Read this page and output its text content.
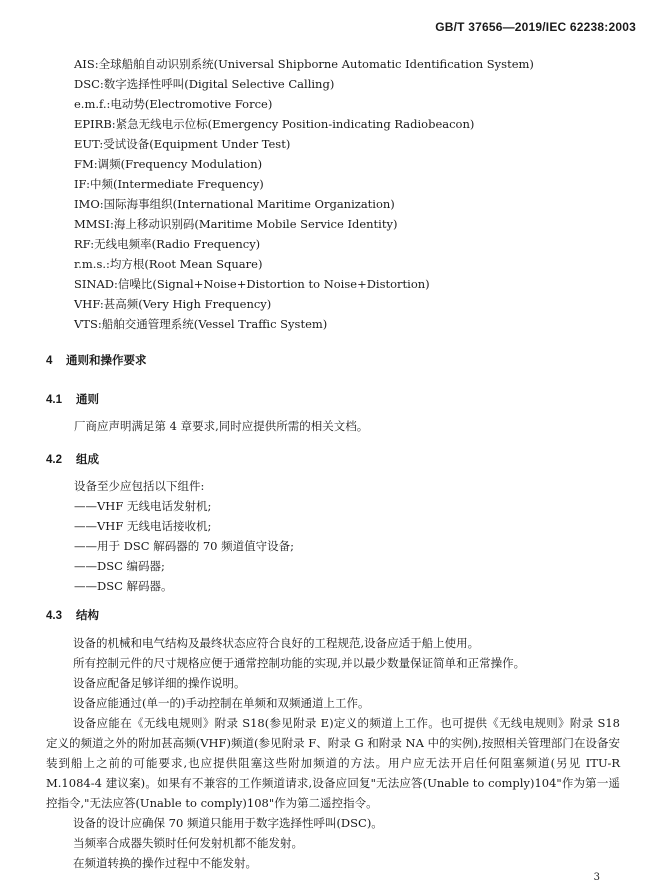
GB/T 37656—2019/IEC 62238:2003
AIS:全球船舶自动识别系统(Universal Shipborne Automatic Identification System)
DSC:数字选择性呼叫(Digital Selective Calling)
e.m.f.:电动势(Electromotive Force)
EPIRB:紧急无线电示位标(Emergency Position-indicating Radiobeacon)
EUT:受试设备(Equipment Under Test)
FM:调频(Frequency Modulation)
IF:中频(Intermediate Frequency)
IMO:国际海事组织(International Maritime Organization)
MMSI:海上移动识别码(Maritime Mobile Service Identity)
RF:无线电频率(Radio Frequency)
r.m.s.:均方根(Root Mean Square)
SINAD:信噪比(Signal+Noise+Distortion to Noise+Distortion)
VHF:甚高频(Very High Frequency)
VTS:船舶交通管理系统(Vessel Traffic System)
4 通则和操作要求
4.1 通则
厂商应声明满足第 4 章要求,同时应提供所需的相关文档。
4.2 组成

设备至少应包括以下组件:

——VHF 无线电话发射机;

——VHF 无线电话接收机;

——用于 DSC 解码器的 70 频道值守设备;

——DSC 编码器;

——DSC 解码器。

4.3 结构

设备的机械和电气结构及最终状态应符合良好的工程规范,设备应适于船上使用。

所有控制元件的尺寸规格应便于通常控制功能的实现,并以最少数量保证简单和正常操作。

设备应配备足够详细的操作说明。

设备应能通过(单一的)手动控制在单频和双频通道上工作。

设备应能在《无线电规则》附录 S18(参见附录 E)定义的频道上工作。也可提供《无线电规则》附录 S18 定义的频道之外的附加甚高频(VHF)频道(参见附录 F、附录 G 和附录 NA 中的实例),按照相关管理部门在设备安装到船上之前的可能要求,也应提供阻塞这些附加频道的方法。用户应无法开启任何阻塞频道(另见 ITU-R M.1084-4 建议案)。如果有不兼容的工作频道请求,设备应回复"无法应答(Unable to comply)104"作为第一遥控指令,"无法应答(Unable to comply)108"作为第二遥控指令。

设备的设计应确保 70 频道只能用于数字选择性呼叫(DSC)。

当频率合成器失锁时任何发射机都不能发射。

在频道转换的操作过程中不能发射。

3
